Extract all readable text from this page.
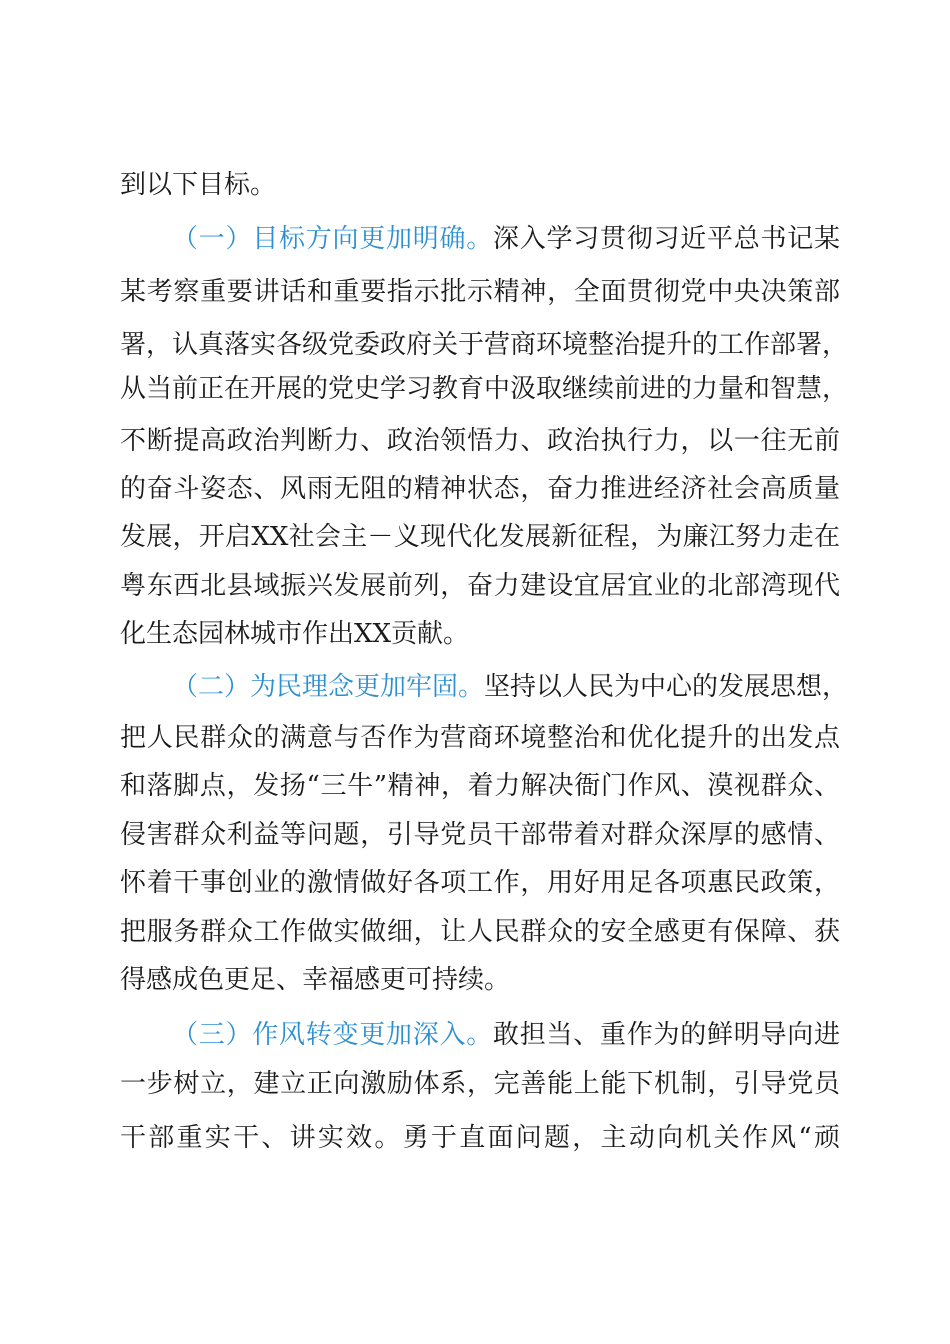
到以下目标。
（一）目标方向更加明确。深入学习贯彻习近平总书记某
某考察重要讲话和重要指示批示精神，全面贯彻党中央决策部
署，认真落实各级党委政府关于营商环境整治提升的工作部署，
从当前正在开展的党史学习教育中汲取继续前进的力量和智慧，
不断提高政治判断力、政治领悟力、政治执行力，以一往无前
的奋斗姿态、风雨无阻的精神状态，奋力推进经济社会高质量
发展，开启XX社会主－义现代化发展新征程，为廉江努力走在
粤东西北县域振兴发展前列，奋力建设宜居宜业的北部湾现代
化生态园林城市作出XX贡献。
（二）为民理念更加牢固。坚持以人民为中心的发展思想，
把人民群众的满意与否作为营商环境整治和优化提升的出发点
和落脚点，发扬“三牛”精神，着力解决衙门作风、漠视群众、
侵害群众利益等问题，引导党员干部带着对群众深厚的感情、
怀着干事创业的激情做好各项工作，用好用足各项惠民政策，
把服务群众工作做实做细，让人民群众的安全感更有保障、获
得感成色更足、幸福感更可持续。
（三）作风转变更加深入。敢担当、重作为的鲜明导向进
一步树立，建立正向激励体系，完善能上能下机制，引导党员
干部重实干、讲实效。勇于直面问题，主动向机关作风“顽
